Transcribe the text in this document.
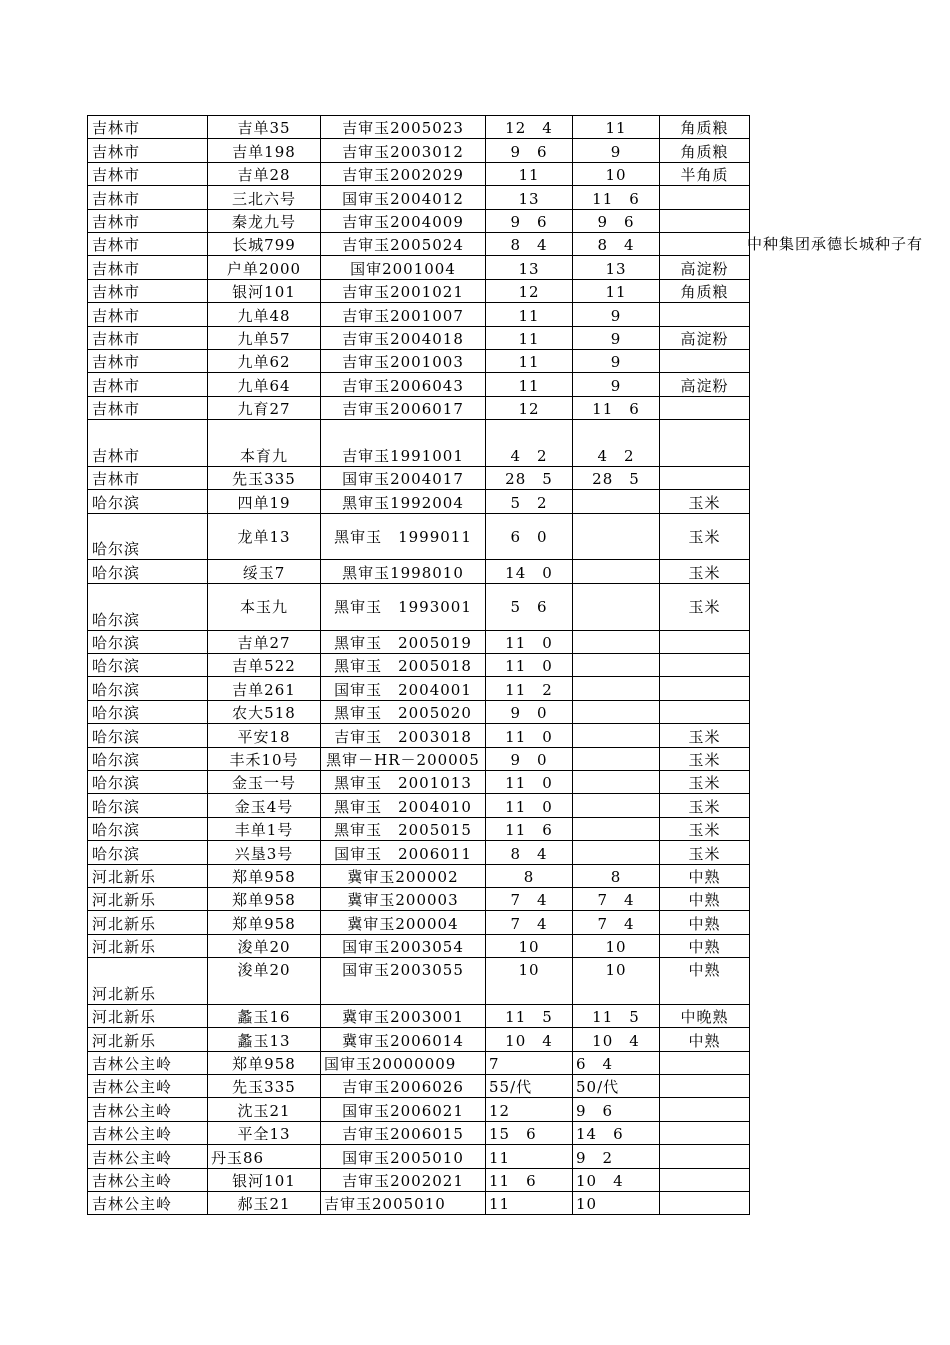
吉林市	吉单35	吉审玉2005023	12　4	11	角质粮
吉林市	吉单198	吉审玉2003012	9　6	9	角质粮
吉林市	吉单28	吉审玉2002029	11	10	半角质
吉林市	三北六号	国审玉2004012	13	11　6	
吉林市	秦龙九号	吉审玉2004009	9　6	9　6	
吉林市	长城799	吉审玉2005024	8　4	8　4	
吉林市	户单2000	国审2001004	13	13	高淀粉
吉林市	银河101	吉审玉2001021	12	11	角质粮
吉林市	九单48	吉审玉2001007	11	9	
吉林市	九单57	吉审玉2004018	11	9	高淀粉
吉林市	九单62	吉审玉2001003	11	9	
吉林市	九单64	吉审玉2006043	11	9	高淀粉
吉林市	九育27	吉审玉2006017	12	11　6	
吉林市	本育九	吉审玉1991001	4　2	4　2	
吉林市	先玉335	国审玉2004017	28　5	28　5	
哈尔滨	四单19	黑审玉1992004	5　2		玉米
哈尔滨	龙单13	黑审玉　1999011	6　0		玉米
哈尔滨	绥玉7	黑审玉1998010	14　0		玉米
哈尔滨	本玉九	黑审玉　1993001	5　6		玉米
哈尔滨	吉单27	黑审玉　2005019	11　0		
哈尔滨	吉单522	黑审玉　2005018	11　0		
哈尔滨	吉单261	国审玉　2004001	11　2		
哈尔滨	农大518	黑审玉　2005020	9　0		
哈尔滨	平安18	吉审玉　2003018	11　0		玉米
哈尔滨	丰禾10号	黑审－HR－200005	9　0		玉米
哈尔滨	金玉一号	黑审玉　2001013	11　0		玉米
哈尔滨	金玉4号	黑审玉　2004010	11　0		玉米
哈尔滨	丰单1号	黑审玉　2005015	11　6		玉米
哈尔滨	兴垦3号	国审玉　2006011	8　4		玉米
河北新乐	郑单958	冀审玉200002	8	8	中熟
河北新乐	郑单958	冀审玉200003	7　4	7　4	中熟
河北新乐	郑单958	冀审玉200004	7　4	7　4	中熟
河北新乐	浚单20	国审玉2003054	10	10	中熟
河北新乐	浚单20	国审玉2003055	10	10	中熟
河北新乐	蠡玉16	冀审玉2003001	11　5	11　5	中晚熟
河北新乐	蠡玉13	冀审玉2006014	10　4	10　4	中熟
吉林公主岭	郑单958	国审玉20000009	7	6　4	
吉林公主岭	先玉335	吉审玉2006026	55/代	50/代	
吉林公主岭	沈玉21	国审玉2006021	12	9　6	
吉林公主岭	平全13	吉审玉2006015	15　6	14　6	
吉林公主岭	丹玉86	国审玉2005010	11	9　2	
吉林公主岭	银河101	吉审玉2002021	11　6	10　4	
吉林公主岭	郝玉21	吉审玉2005010	11	10	
中种集团承德长城种子有
